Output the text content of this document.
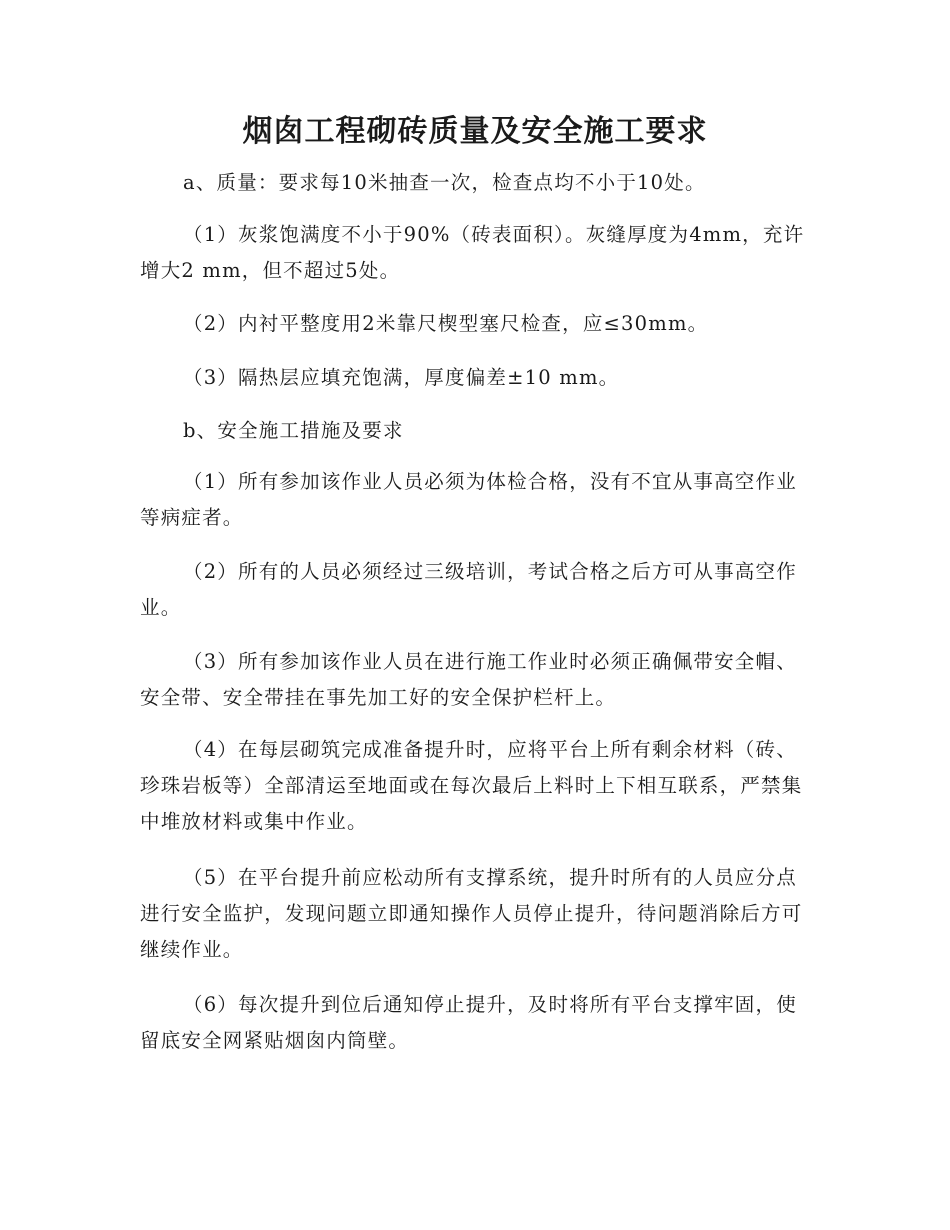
烟囱工程砌砖质量及安全施工要求

a、质量：要求每10米抽查一次，检查点均不小于10处。

（1）灰浆饱满度不小于90%（砖表面积）。灰缝厚度为4mm，充许增大2 mm，但不超过5处。

（2）内衬平整度用2米靠尺楔型塞尺检查，应≤30mm。

（3）隔热层应填充饱满，厚度偏差±10 mm。

b、安全施工措施及要求

（1）所有参加该作业人员必须为体检合格，没有不宜从事高空作业等病症者。

（2）所有的人员必须经过三级培训，考试合格之后方可从事高空作业。

（3）所有参加该作业人员在进行施工作业时必须正确佩带安全帽、安全带、安全带挂在事先加工好的安全保护栏杆上。

（4）在每层砌筑完成准备提升时，应将平台上所有剩余材料（砖、珍珠岩板等）全部清运至地面或在每次最后上料时上下相互联系，严禁集中堆放材料或集中作业。

（5）在平台提升前应松动所有支撑系统，提升时所有的人员应分点进行安全监护，发现问题立即通知操作人员停止提升，待问题消除后方可继续作业。

（6）每次提升到位后通知停止提升，及时将所有平台支撑牢固，使留底安全网紧贴烟囱内筒壁。
